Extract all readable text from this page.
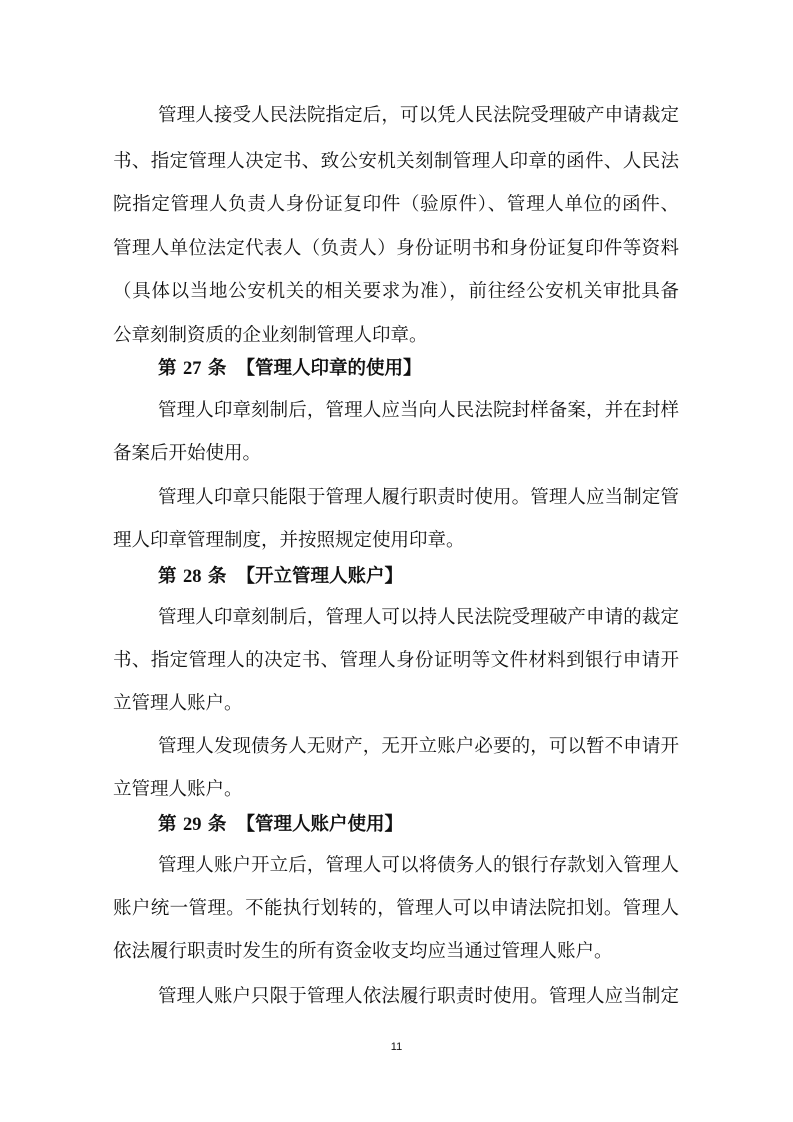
管理人接受人民法院指定后，可以凭人民法院受理破产申请裁定
书、指定管理人决定书、致公安机关刻制管理人印章的函件、人民法
院指定管理人负责人身份证复印件（验原件）、管理人单位的函件、
管理人单位法定代表人（负责人）身份证明书和身份证复印件等资料
（具体以当地公安机关的相关要求为准），前往经公安机关审批具备
公章刻制资质的企业刻制管理人印章。
第 27 条 【管理人印章的使用】
管理人印章刻制后，管理人应当向人民法院封样备案，并在封样
备案后开始使用。
管理人印章只能限于管理人履行职责时使用。管理人应当制定管
理人印章管理制度，并按照规定使用印章。
第 28 条 【开立管理人账户】
管理人印章刻制后，管理人可以持人民法院受理破产申请的裁定
书、指定管理人的决定书、管理人身份证明等文件材料到银行申请开
立管理人账户。
管理人发现债务人无财产，无开立账户必要的，可以暂不申请开
立管理人账户。
第 29 条 【管理人账户使用】
管理人账户开立后，管理人可以将债务人的银行存款划入管理人
账户统一管理。不能执行划转的，管理人可以申请法院扣划。管理人
依法履行职责时发生的所有资金收支均应当通过管理人账户。
管理人账户只限于管理人依法履行职责时使用。管理人应当制定
11
